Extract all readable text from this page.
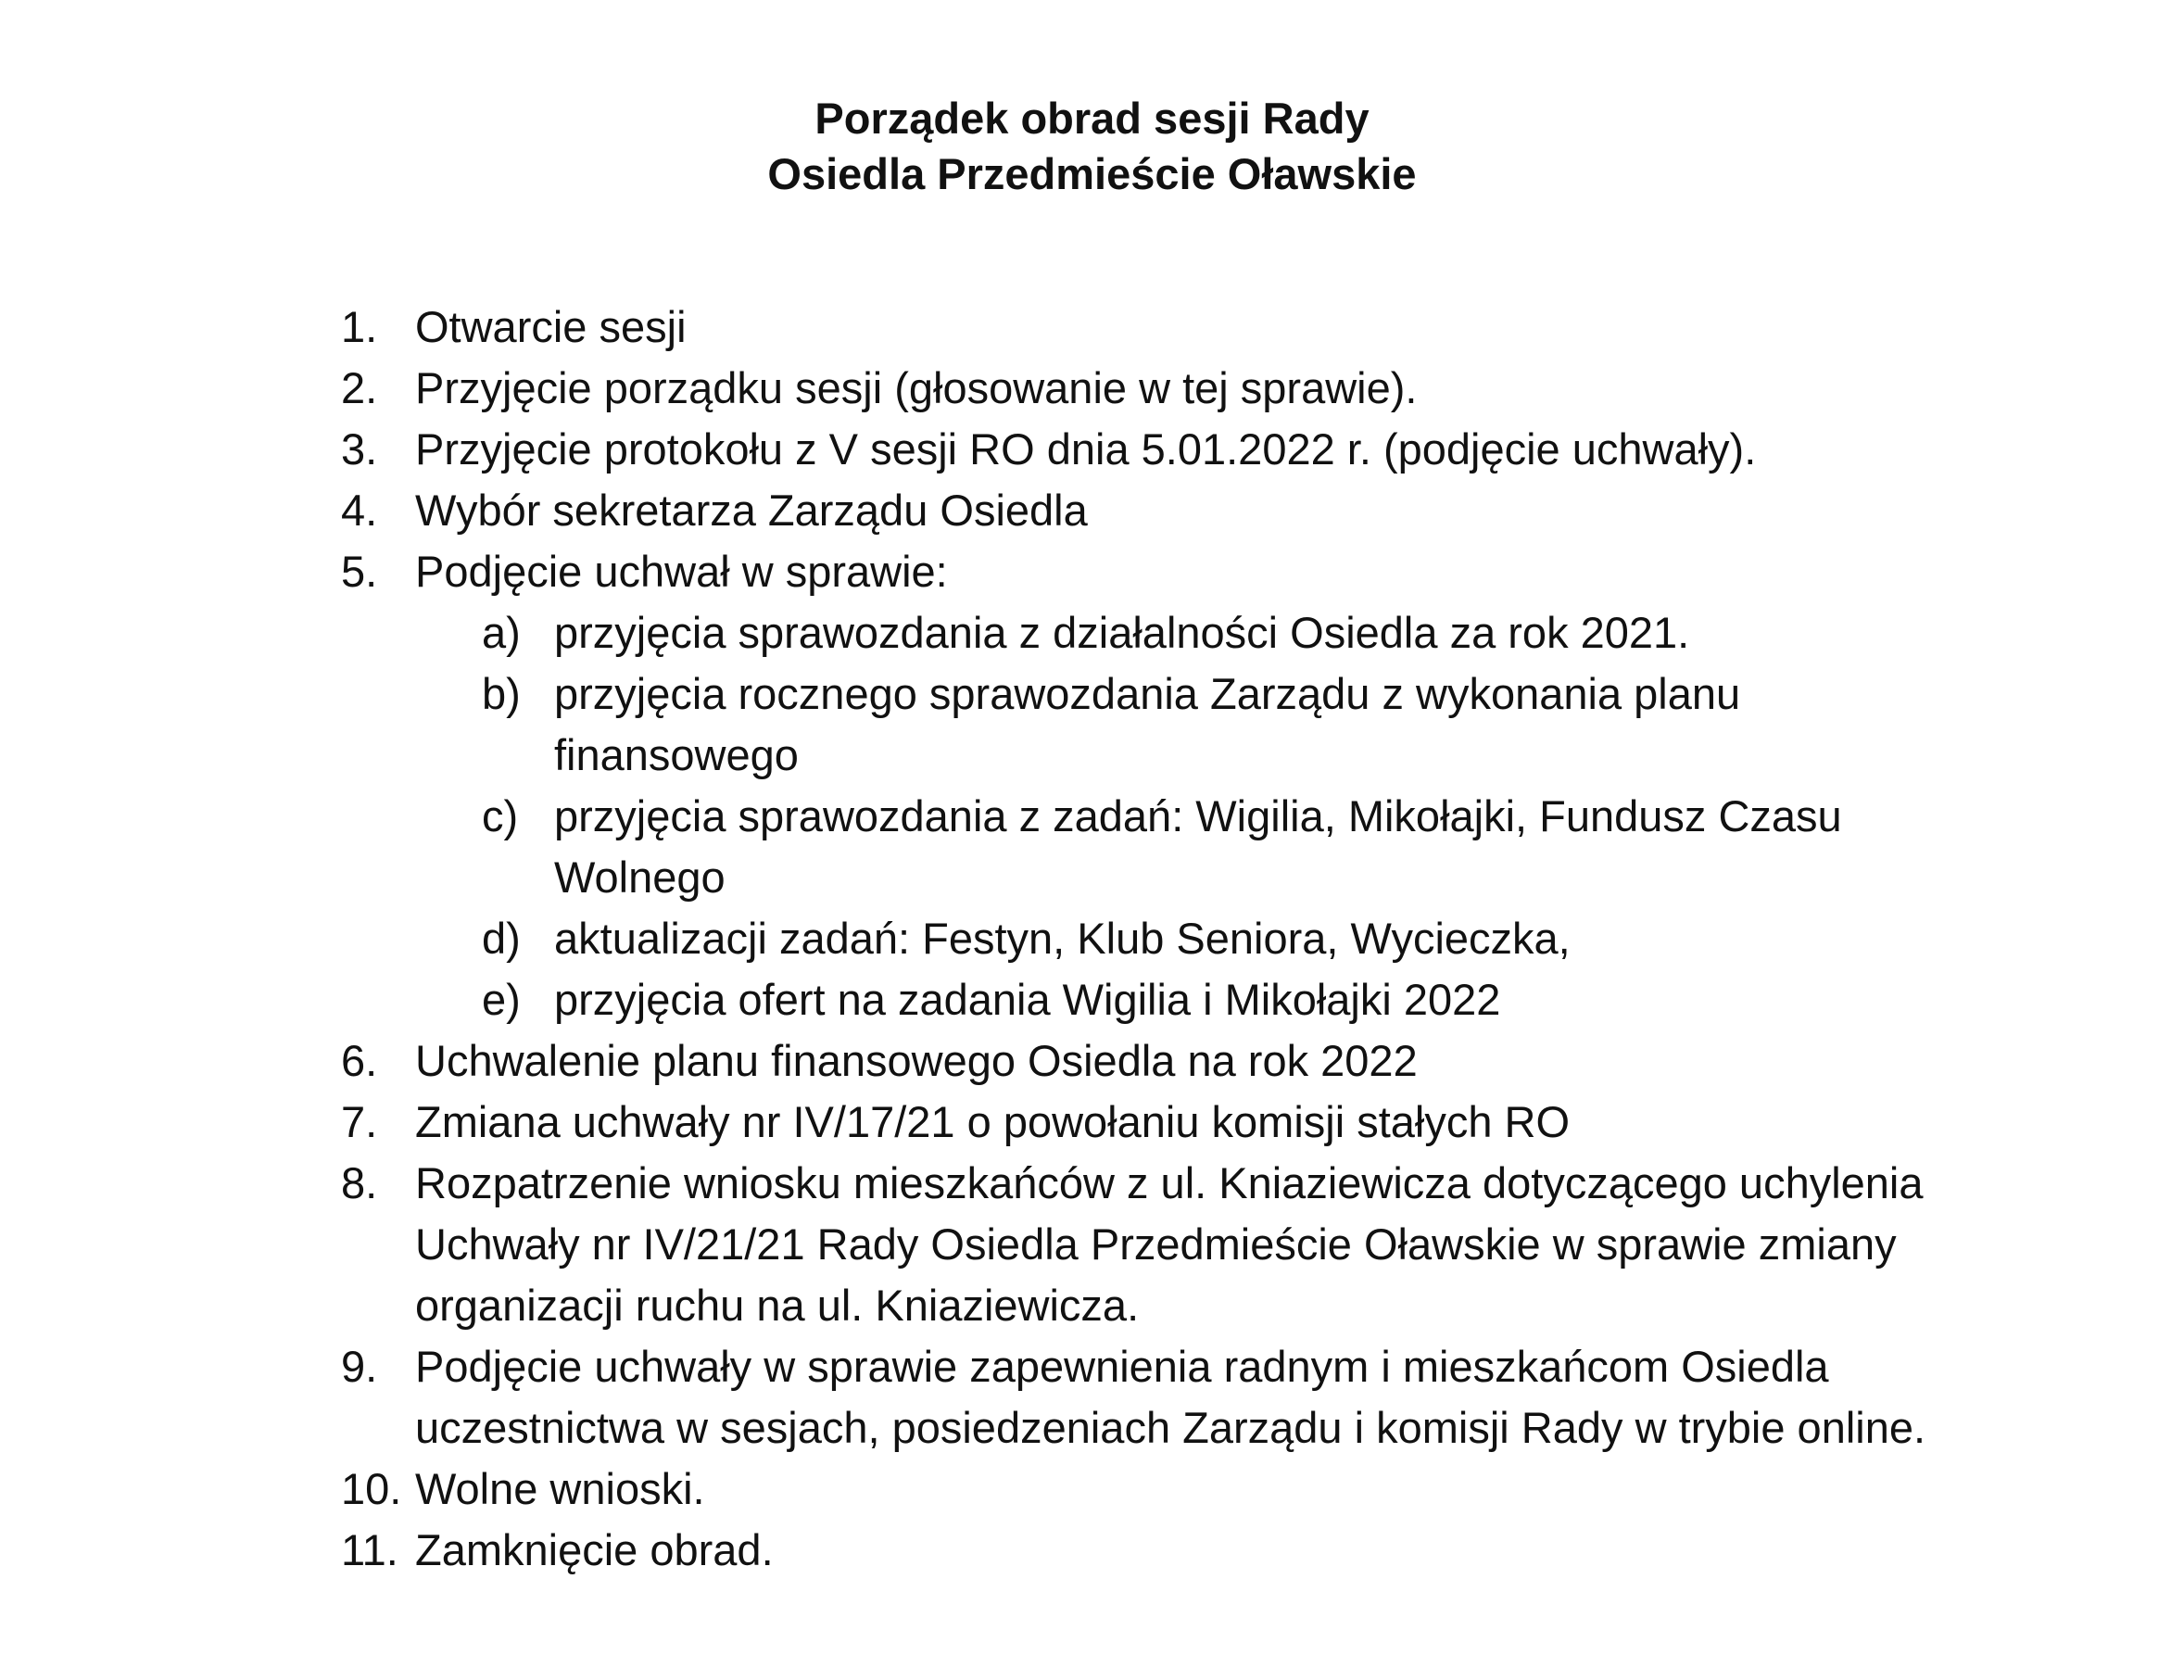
Porządek obrad sesji Rady
Osiedla Przedmieście Oławskie
1. Otwarcie sesji
2. Przyjęcie porządku sesji (głosowanie w tej sprawie).
3. Przyjęcie protokołu z V sesji RO dnia 5.01.2022 r. (podjęcie uchwały).
4. Wybór sekretarza Zarządu Osiedla
5. Podjęcie uchwał w sprawie:
a) przyjęcia sprawozdania z działalności Osiedla za rok 2021.
b) przyjęcia rocznego sprawozdania Zarządu z wykonania planu
finansowego
c) przyjęcia sprawozdania z zadań: Wigilia, Mikołajki, Fundusz Czasu
Wolnego
d) aktualizacji zadań: Festyn, Klub Seniora, Wycieczka,
e) przyjęcia ofert na zadania Wigilia i Mikołajki 2022
6. Uchwalenie planu finansowego Osiedla na rok 2022
7. Zmiana uchwały nr IV/17/21 o powołaniu komisji stałych RO
8. Rozpatrzenie wniosku mieszkańców z ul. Kniaziewicza dotyczącego uchylenia
Uchwały nr IV/21/21 Rady Osiedla Przedmieście Oławskie w sprawie zmiany
organizacji ruchu na ul. Kniaziewicza.
9. Podjęcie uchwały w sprawie zapewnienia radnym i mieszkańcom Osiedla
uczestnictwa w sesjach, posiedzeniach Zarządu i komisji Rady w trybie online.
10. Wolne wnioski.
11. Zamknięcie obrad.
